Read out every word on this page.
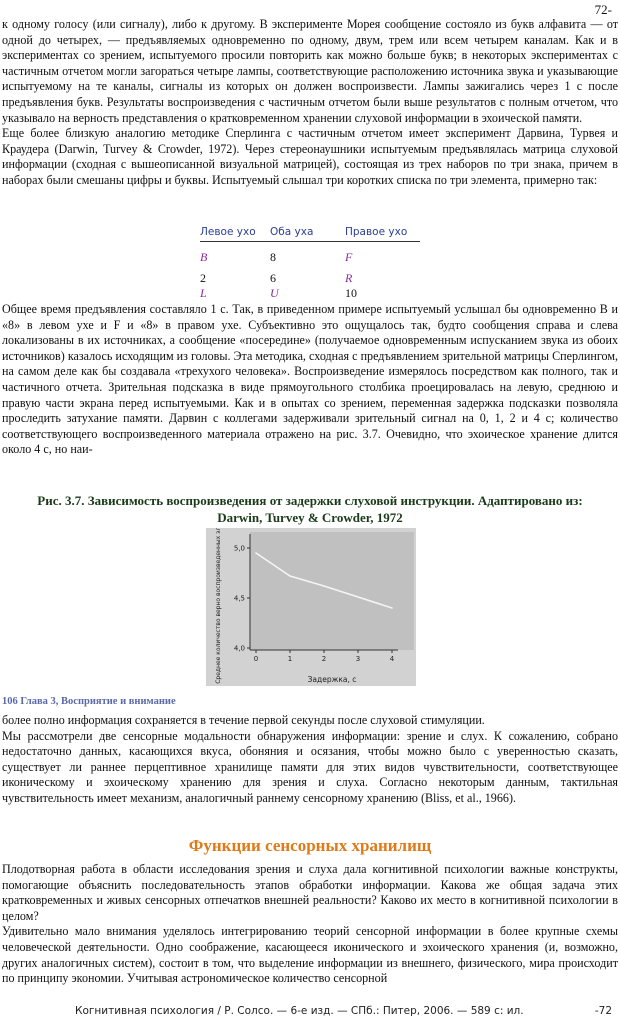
72-

к одному голосу (или сигналу), либо к другому. В эксперименте Морея сообщение состояло из букв алфавита — от одной до четырех, — предъявляемых одновременно по одному, двум, трем или всем четырем каналам. Как и в экспериментах со зрением, испытуемого просили повторить как можно больше букв; в некоторых экспериментах с частичным отчетом могли загораться четыре лампы, соответствующие расположению источника звука и указывающие испытуемому на те каналы, сигналы из которых он должен воспроизвести. Лампы зажигались через 1 с после предъявления букв. Результаты воспроизведения с частичным отчетом были выше результатов с полным отчетом, что указывало на верность представления о кратковременном хранении слуховой информации в эхоической памяти.

Еще более близкую аналогию методике Сперлинга с частичным отчетом имеет эксперимент Дарвина, Турвея и Краудера (Darwin, Turvey & Crowder, 1972). Через стереонаушники испытуемым предъявлялась матрица слуховой информации (сходная с вышеописанной визуальной матрицей), состоящая из трех наборов по три знака, причем в наборах были смешаны цифры и буквы. Испытуемый слышал три коротких списка по три элемента, примерно так:

Левое ухо	Оба уха	Правое ухо

B	8	F

2	6	R
L	U	10

Общее время предъявления составляло 1 с. Так, в приведенном примере испытуемый услышал бы одновременно B и «8» в левом ухе и F и «8» в правом ухе. Субъективно это ощущалось так, будто сообщения справа и слева локализованы в их источниках, а сообщение «посередине» (получаемое одновременным испусканием звука из обоих источников) казалось исходящим из головы. Эта методика, сходная с предъявлением зрительной матрицы Сперлингом, на самом деле как бы создавала «трехухого человека». Воспроизведение измерялось посредством как полного, так и частичного отчета. Зрительная подсказка в виде прямоугольного столбика проецировалась на левую, среднюю и правую части экрана перед испытуемыми. Как и в опытах со зрением, переменная задержка подсказки позволяла проследить затухание памяти. Дарвин с коллегами задерживали зрительный сигнал на 0, 1, 2 и 4 с; количество соответствующего воспроизведенного материала отражено на рис. 3.7. Очевидно, что эхоическое хранение длится около 4 с, но наи-

Рис. 3.7. Зависимость воспроизведения от задержки слуховой инструкции. Адаптировано из:
Darwin, Turvey & Crowder, 1972
0	1	2	3	4
4,0
4,5
5,0
Среднее количество верно воспроизведенных элементов	Задержка, с
106 Глава 3, Восприятие и внимание

более полно информация сохраняется в течение первой секунды после слуховой стимуляции.

Мы рассмотрели две сенсорные модальности обнаружения информации: зрение и слух. К сожалению, собрано недостаточно данных, касающихся вкуса, обоняния и осязания, чтобы можно было с уверенностью сказать, существует ли раннее перцептивное хранилище памяти для этих видов чувствительности, соответствующее иконическому и эхоическому хранению для зрения и слуха. Согласно некоторым данным, тактильная чувствительность имеет механизм, аналогичный раннему сенсорному хранению (Bliss, et al., 1966).

Функции сенсорных хранилищ

Плодотворная работа в области исследования зрения и слуха дала когнитивной психологии важные конструкты, помогающие объяснить последовательность этапов обработки информации. Какова же общая задача этих кратковременных и живых сенсорных отпечатков внешней реальности? Каково их место в когнитивной психологии в целом?

Удивительно мало внимания уделялось интегрированию теорий сенсорной информации в более крупные схемы человеческой деятельности. Одно соображение, касающееся иконического и эхоического хранения (и, возможно, других аналогичных систем), состоит в том, что выделение информации из внешнего, физического, мира происходит по принципу экономии. Учитывая астрономическое количество сенсорной

Когнитивная психология / Р. Солсо. — 6-е изд. — СПб.: Питер, 2006. — 589 с: ил.	-72
